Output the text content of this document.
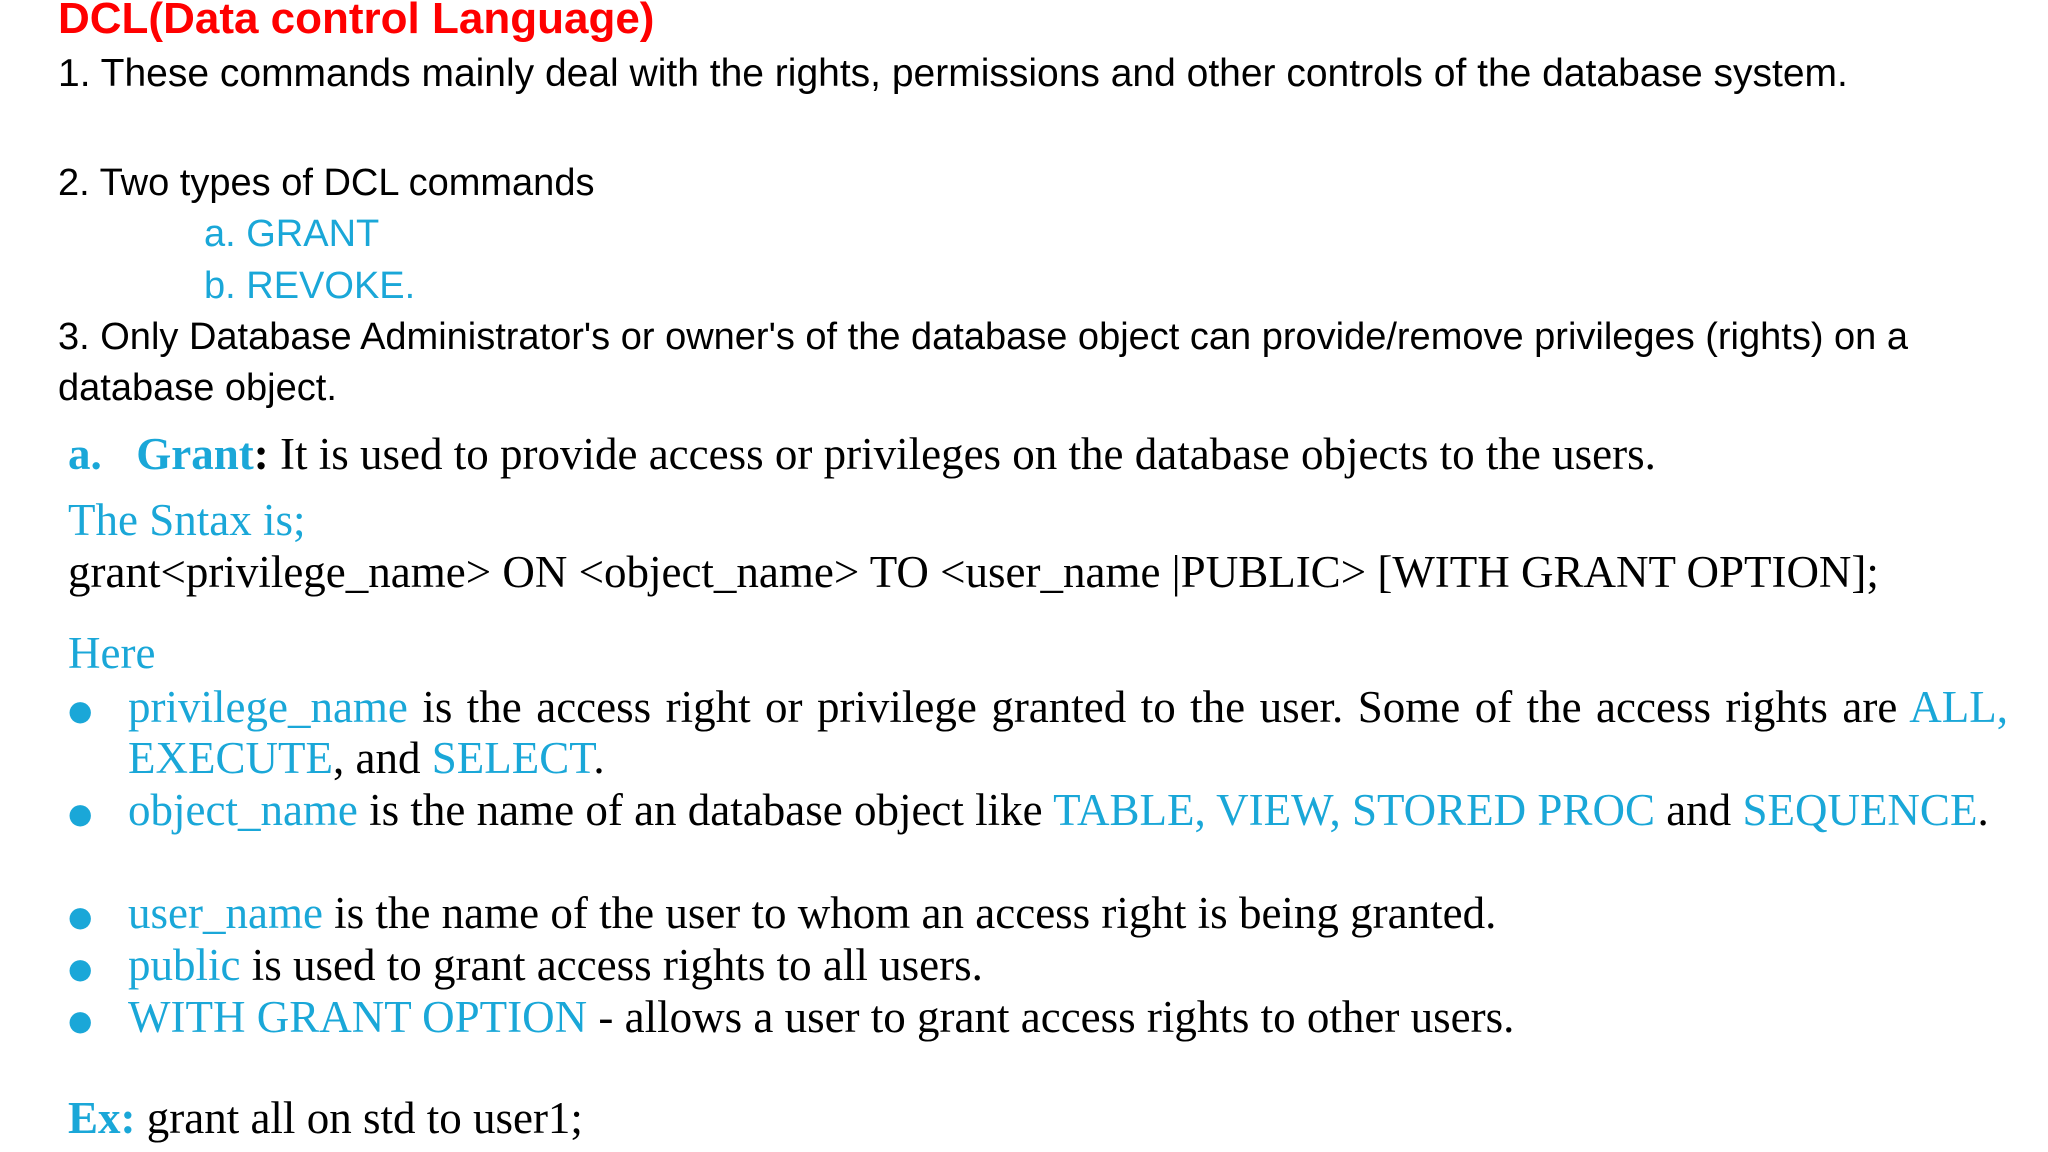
DCL(Data control Language)
1. These commands mainly deal with the rights, permissions and other controls of the database system.
2. Two types of DCL commands
a. GRANT
b. REVOKE.
3. Only Database Administrator's or owner's of the database object can provide/remove privileges (rights) on a
database object.
a. Grant: It is used to provide access or privileges on the database objects to the users.
The Sntax is;
grant<privilege_name> ON <object_name> TO <user_name |PUBLIC> [WITH GRANT OPTION];
Here
● privilege_name is the access right or privilege granted to the user. Some of the access rights are ALL, EXECUTE, and SELECT.
● object_name is the name of an database object like TABLE, VIEW, STORED PROC and SEQUENCE.
● user_name is the name of the user to whom an access right is being granted.
● public is used to grant access rights to all users.
● WITH GRANT OPTION - allows a user to grant access rights to other users.
Ex: grant all on std to user1;
